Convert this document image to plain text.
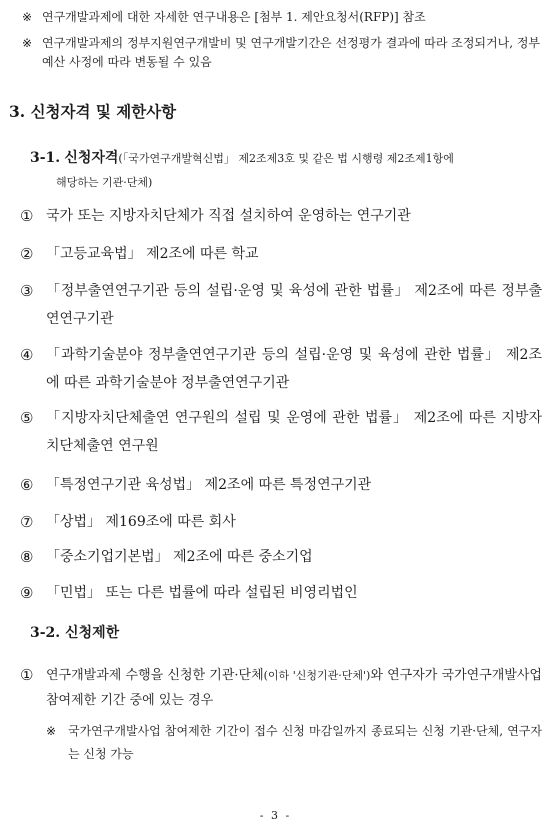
※ 연구개발과제에 대한 자세한 연구내용은 [첨부 1. 제안요청서(RFP)] 참조
※ 연구개발과제의 정부지원연구개발비 및 연구개발기간은 선정평가 결과에 따라 조정되거나, 정부예산 사정에 따라 변동될 수 있음
3. 신청자격 및 제한사항
3-1. 신청자격(「국가연구개발혁신법」 제2조제3호 및 같은 법 시행령 제2조제1항에
해당하는 기관·단체)
① 국가 또는 지방자치단체가 직접 설치하여 운영하는 연구기관
② 「고등교육법」 제2조에 따른 학교
③ 「정부출연연구기관 등의 설립·운영 및 육성에 관한 법률」 제2조에 따른 정부출연연구기관
④ 「과학기술분야 정부출연연구기관 등의 설립·운영 및 육성에 관한 법률」 제2조에 따른 과학기술분야 정부출연연구기관
⑤ 「지방자치단체출연 연구원의 설립 및 운영에 관한 법률」 제2조에 따른 지방자치단체출연 연구원
⑥ 「특정연구기관 육성법」 제2조에 따른 특정연구기관
⑦ 「상법」 제169조에 따른 회사
⑧ 「중소기업기본법」 제2조에 따른 중소기업
⑨ 「민법」 또는 다른 법률에 따라 설립된 비영리법인
3-2. 신청제한
① 연구개발과제 수행을 신청한 기관·단체(이하 '신청기관·단체')와 연구자가 국가연구개발사업 참여제한 기간 중에 있는 경우
※ 국가연구개발사업 참여제한 기간이 접수 신청 마감일까지 종료되는 신청 기관·단체, 연구자는 신청 가능
- 3 -
